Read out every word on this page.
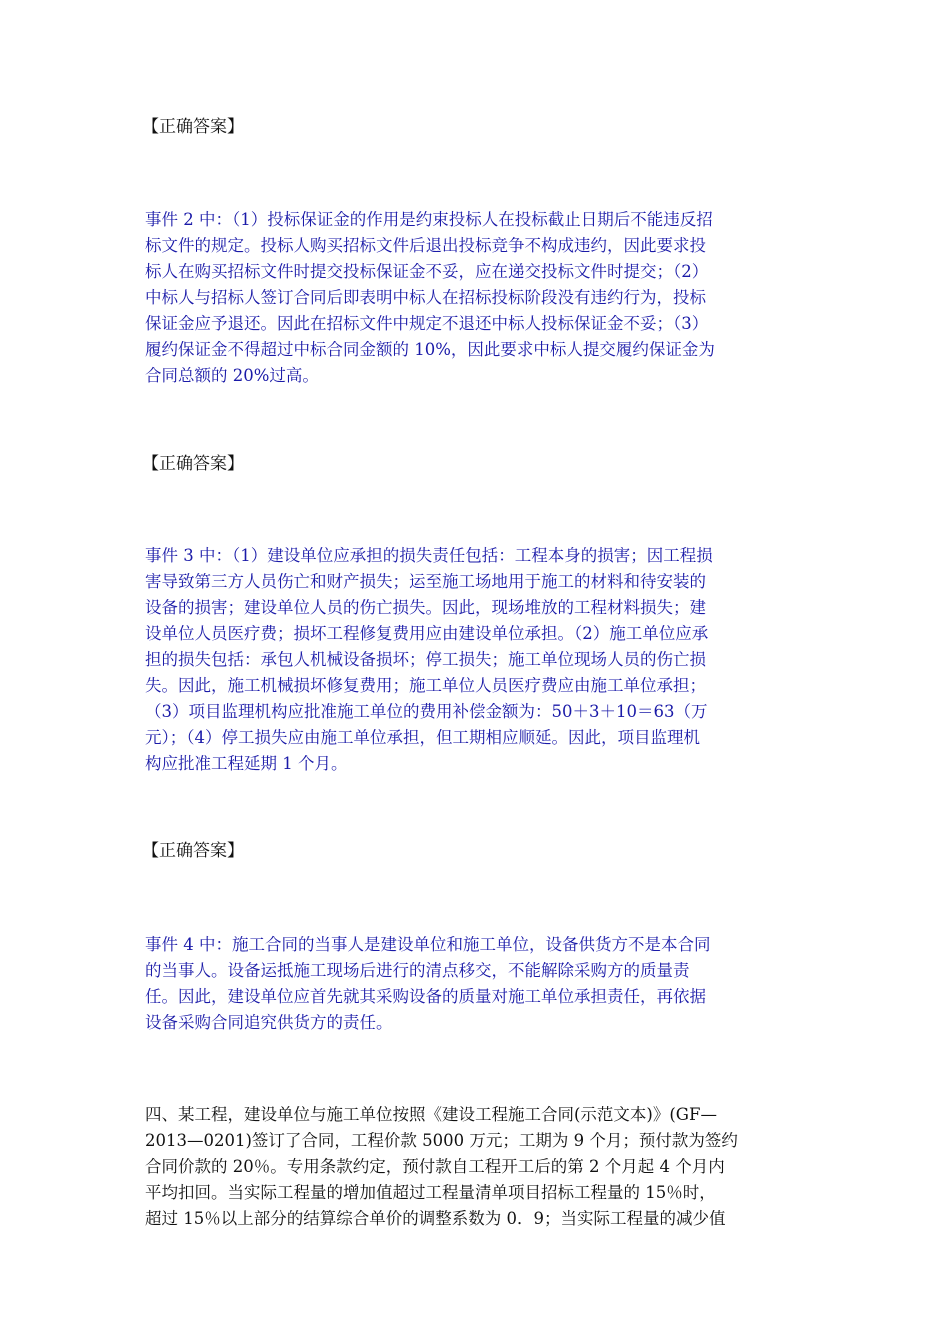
【正确答案】
事件 2 中：（1）投标保证金的作用是约束投标人在投标截止日期后不能违反招
标文件的规定。投标人购买招标文件后退出投标竞争不构成违约，因此要求投
标人在购买招标文件时提交投标保证金不妥，应在递交投标文件时提交；（2）
中标人与招标人签订合同后即表明中标人在招标投标阶段没有违约行为，投标
保证金应予退还。因此在招标文件中规定不退还中标人投标保证金不妥；（3）
履约保证金不得超过中标合同金额的 10%，因此要求中标人提交履约保证金为
合同总额的 20%过高。
【正确答案】
事件 3 中：（1）建设单位应承担的损失责任包括：工程本身的损害；因工程损
害导致第三方人员伤亡和财产损失；运至施工场地用于施工的材料和待安装的
设备的损害；建设单位人员的伤亡损失。因此，现场堆放的工程材料损失；建
设单位人员医疗费；损坏工程修复费用应由建设单位承担。（2）施工单位应承
担的损失包括：承包人机械设备损坏；停工损失；施工单位现场人员的伤亡损
失。因此，施工机械损坏修复费用；施工单位人员医疗费应由施工单位承担；
（3）项目监理机构应批准施工单位的费用补偿金额为：50＋3＋10＝63（万
元）；（4）停工损失应由施工单位承担，但工期相应顺延。因此，项目监理机
构应批准工程延期 1 个月。
【正确答案】
事件 4 中：施工合同的当事人是建设单位和施工单位，设备供货方不是本合同
的当事人。设备运抵施工现场后进行的清点移交，不能解除采购方的质量责
任。因此，建设单位应首先就其采购设备的质量对施工单位承担责任，再依据
设备采购合同追究供货方的责任。
四、某工程，建设单位与施工单位按照《建设工程施工合同(示范文本)》(GF—
2013—0201)签订了合同，工程价款 5000 万元；工期为 9 个月；预付款为签约
合同价款的 20％。专用条款约定，预付款自工程开工后的第 2 个月起 4 个月内
平均扣回。当实际工程量的增加值超过工程量清单项目招标工程量的 15％时，
超过 15％以上部分的结算综合单价的调整系数为 0．9；当实际工程量的减少值
